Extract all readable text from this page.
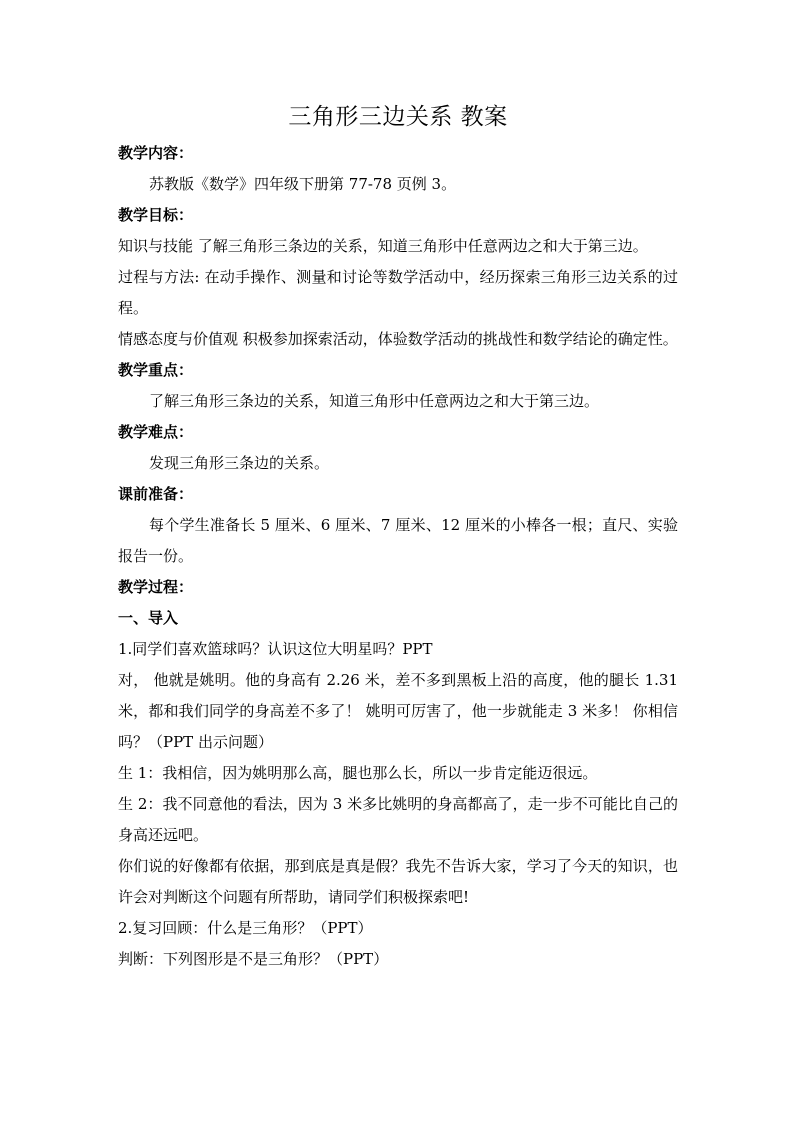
三角形三边关系 教案

教学内容：

苏教版《数学》四年级下册第 77-78 页例 3。

教学目标：

知识与技能 了解三角形三条边的关系，知道三角形中任意两边之和大于第三边。

过程与方法: 在动手操作、测量和讨论等数学活动中，经历探索三角形三边关系的过程。

情感态度与价值观 积极参加探索活动，体验数学活动的挑战性和数学结论的确定性。

教学重点：

了解三角形三条边的关系，知道三角形中任意两边之和大于第三边。

教学难点：

发现三角形三条边的关系。

课前准备：

每个学生准备长 5 厘米、6 厘米、7 厘米、12 厘米的小棒各一根；直尺、实验报告一份。

教学过程：

一、导入

1.同学们喜欢篮球吗？认识这位大明星吗？PPT

对， 他就是姚明。他的身高有 2.26 米，差不多到黑板上沿的高度，他的腿长 1.31 米，都和我们同学的身高差不多了！ 姚明可厉害了，他一步就能走 3 米多！ 你相信吗？（PPT 出示问题）

生 1：我相信，因为姚明那么高，腿也那么长，所以一步肯定能迈很远。

生 2：我不同意他的看法，因为 3 米多比姚明的身高都高了，走一步不可能比自己的身高还远吧。

你们说的好像都有依据，那到底是真是假？我先不告诉大家，学习了今天的知识，也许会对判断这个问题有所帮助，请同学们积极探索吧!

2.复习回顾：什么是三角形？（PPT）

判断：下列图形是不是三角形？（PPT）
